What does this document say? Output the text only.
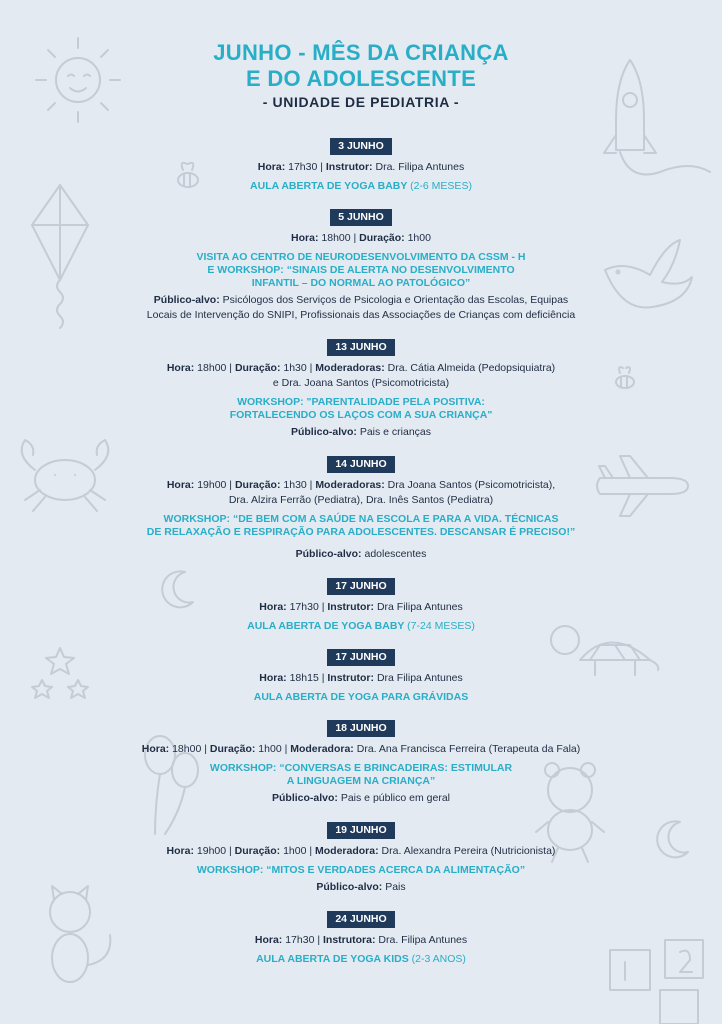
JUNHO - MÊS DA CRIANÇA
E DO ADOLESCENTE
- UNIDADE DE PEDIATRIA -
3 JUNHO
Hora: 17h30 | Instrutor: Dra. Filipa Antunes
AULA ABERTA DE YOGA BABY (2-6 MESES)
5 JUNHO
Hora: 18h00 | Duração: 1h00
VISITA AO CENTRO DE NEURODESENVOLVIMENTO DA CSSM - H
E WORKSHOP: “SINAIS DE ALERTA NO DESENVOLVIMENTO
INFANTIL – DO NORMAL AO PATOLÓGICO”
Público-alvo: Psicólogos dos Serviços de Psicologia e Orientação das Escolas, Equipas
Locais de Intervenção do SNIPI, Profissionais das Associações de Crianças com deficiência
13 JUNHO
Hora: 18h00 | Duração: 1h30 | Moderadoras: Dra. Cátia Almeida (Pedopsiquiatra)
e Dra. Joana Santos (Psicomotricista)
WORKSHOP: "PARENTALIDADE PELA POSITIVA:
FORTALECENDO OS LAÇOS COM A SUA CRIANÇA"
Público-alvo: Pais e crianças
14 JUNHO
Hora: 19h00 | Duração: 1h30 | Moderadoras: Dra Joana Santos (Psicomotricista),
Dra. Alzira Ferrão (Pediatra), Dra. Inês Santos (Pediatra)
WORKSHOP: “DE BEM COM A SAÚDE NA ESCOLA E PARA A VIDA. TÉCNICAS
DE RELAXAÇÃO E RESPIRAÇÃO PARA ADOLESCENTES. DESCANSAR É PRECISO!”
Público-alvo: adolescentes
17 JUNHO
Hora: 17h30 | Instrutor: Dra Filipa Antunes
AULA ABERTA DE YOGA BABY (7-24 MESES)
17 JUNHO
Hora: 18h15 | Instrutor: Dra Filipa Antunes
AULA ABERTA DE YOGA PARA GRÁVIDAS
18 JUNHO
Hora: 18h00 | Duração: 1h00 | Moderadora: Dra. Ana Francisca Ferreira (Terapeuta da Fala)
WORKSHOP: “CONVERSAS E BRINCADEIRAS: ESTIMULAR
A LINGUAGEM NA CRIANÇA”
Público-alvo: Pais e público em geral
19 JUNHO
Hora: 19h00 | Duração: 1h00 | Moderadora: Dra. Alexandra Pereira (Nutricionista)
WORKSHOP: “MITOS E VERDADES ACERCA DA ALIMENTAÇÃO”
Público-alvo: Pais
24 JUNHO
Hora: 17h30 | Instrutora: Dra. Filipa Antunes
AULA ABERTA DE YOGA KIDS (2-3 ANOS)
